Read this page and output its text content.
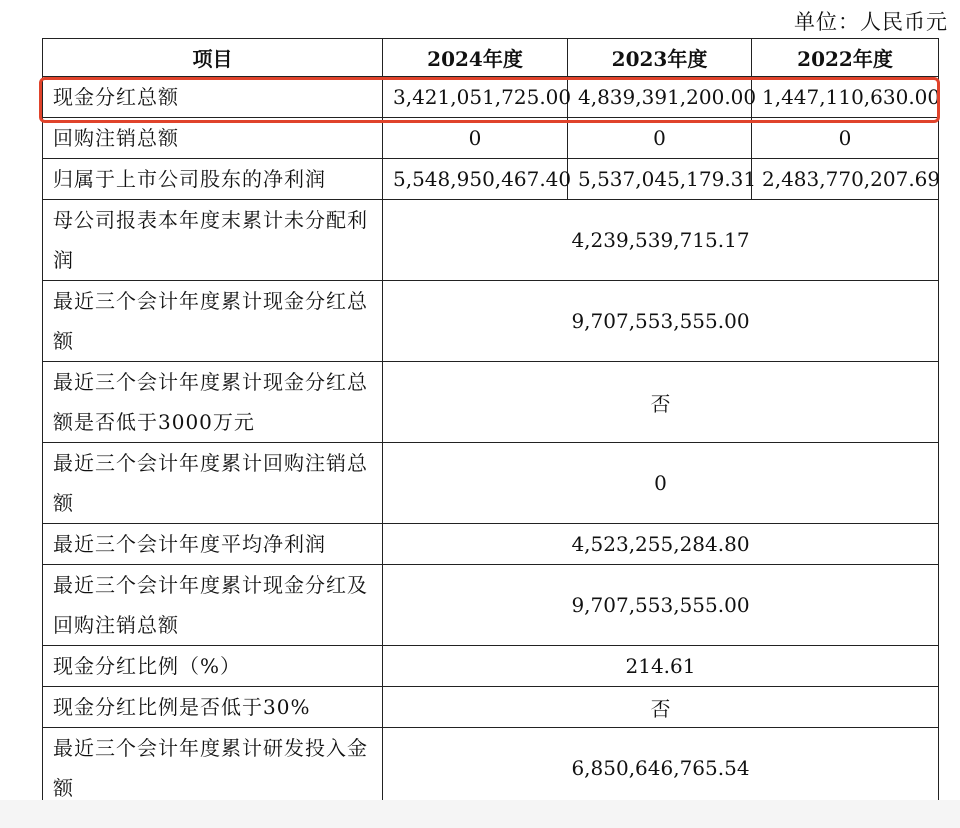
单位：人民币元
项目	2024年度	2023年度	2022年度
现金分红总额	3,421,051,725.00	4,839,391,200.00	1,447,110,630.00
回购注销总额	0	0	0
归属于上市公司股东的净利润	5,548,950,467.40	5,537,045,179.31	2,483,770,207.69
母公司报表本年度末累计未分配利润	4,239,539,715.17		
最近三个会计年度累计现金分红总额	9,707,553,555.00		
最近三个会计年度累计现金分红总额是否低于3000万元	否		
最近三个会计年度累计回购注销总额	0		
最近三个会计年度平均净利润	4,523,255,284.80		
最近三个会计年度累计现金分红及回购注销总额	9,707,553,555.00		
现金分红比例（%）	214.61		
现金分红比例是否低于30%	否		
最近三个会计年度累计研发投入金额	6,850,646,765.54		
